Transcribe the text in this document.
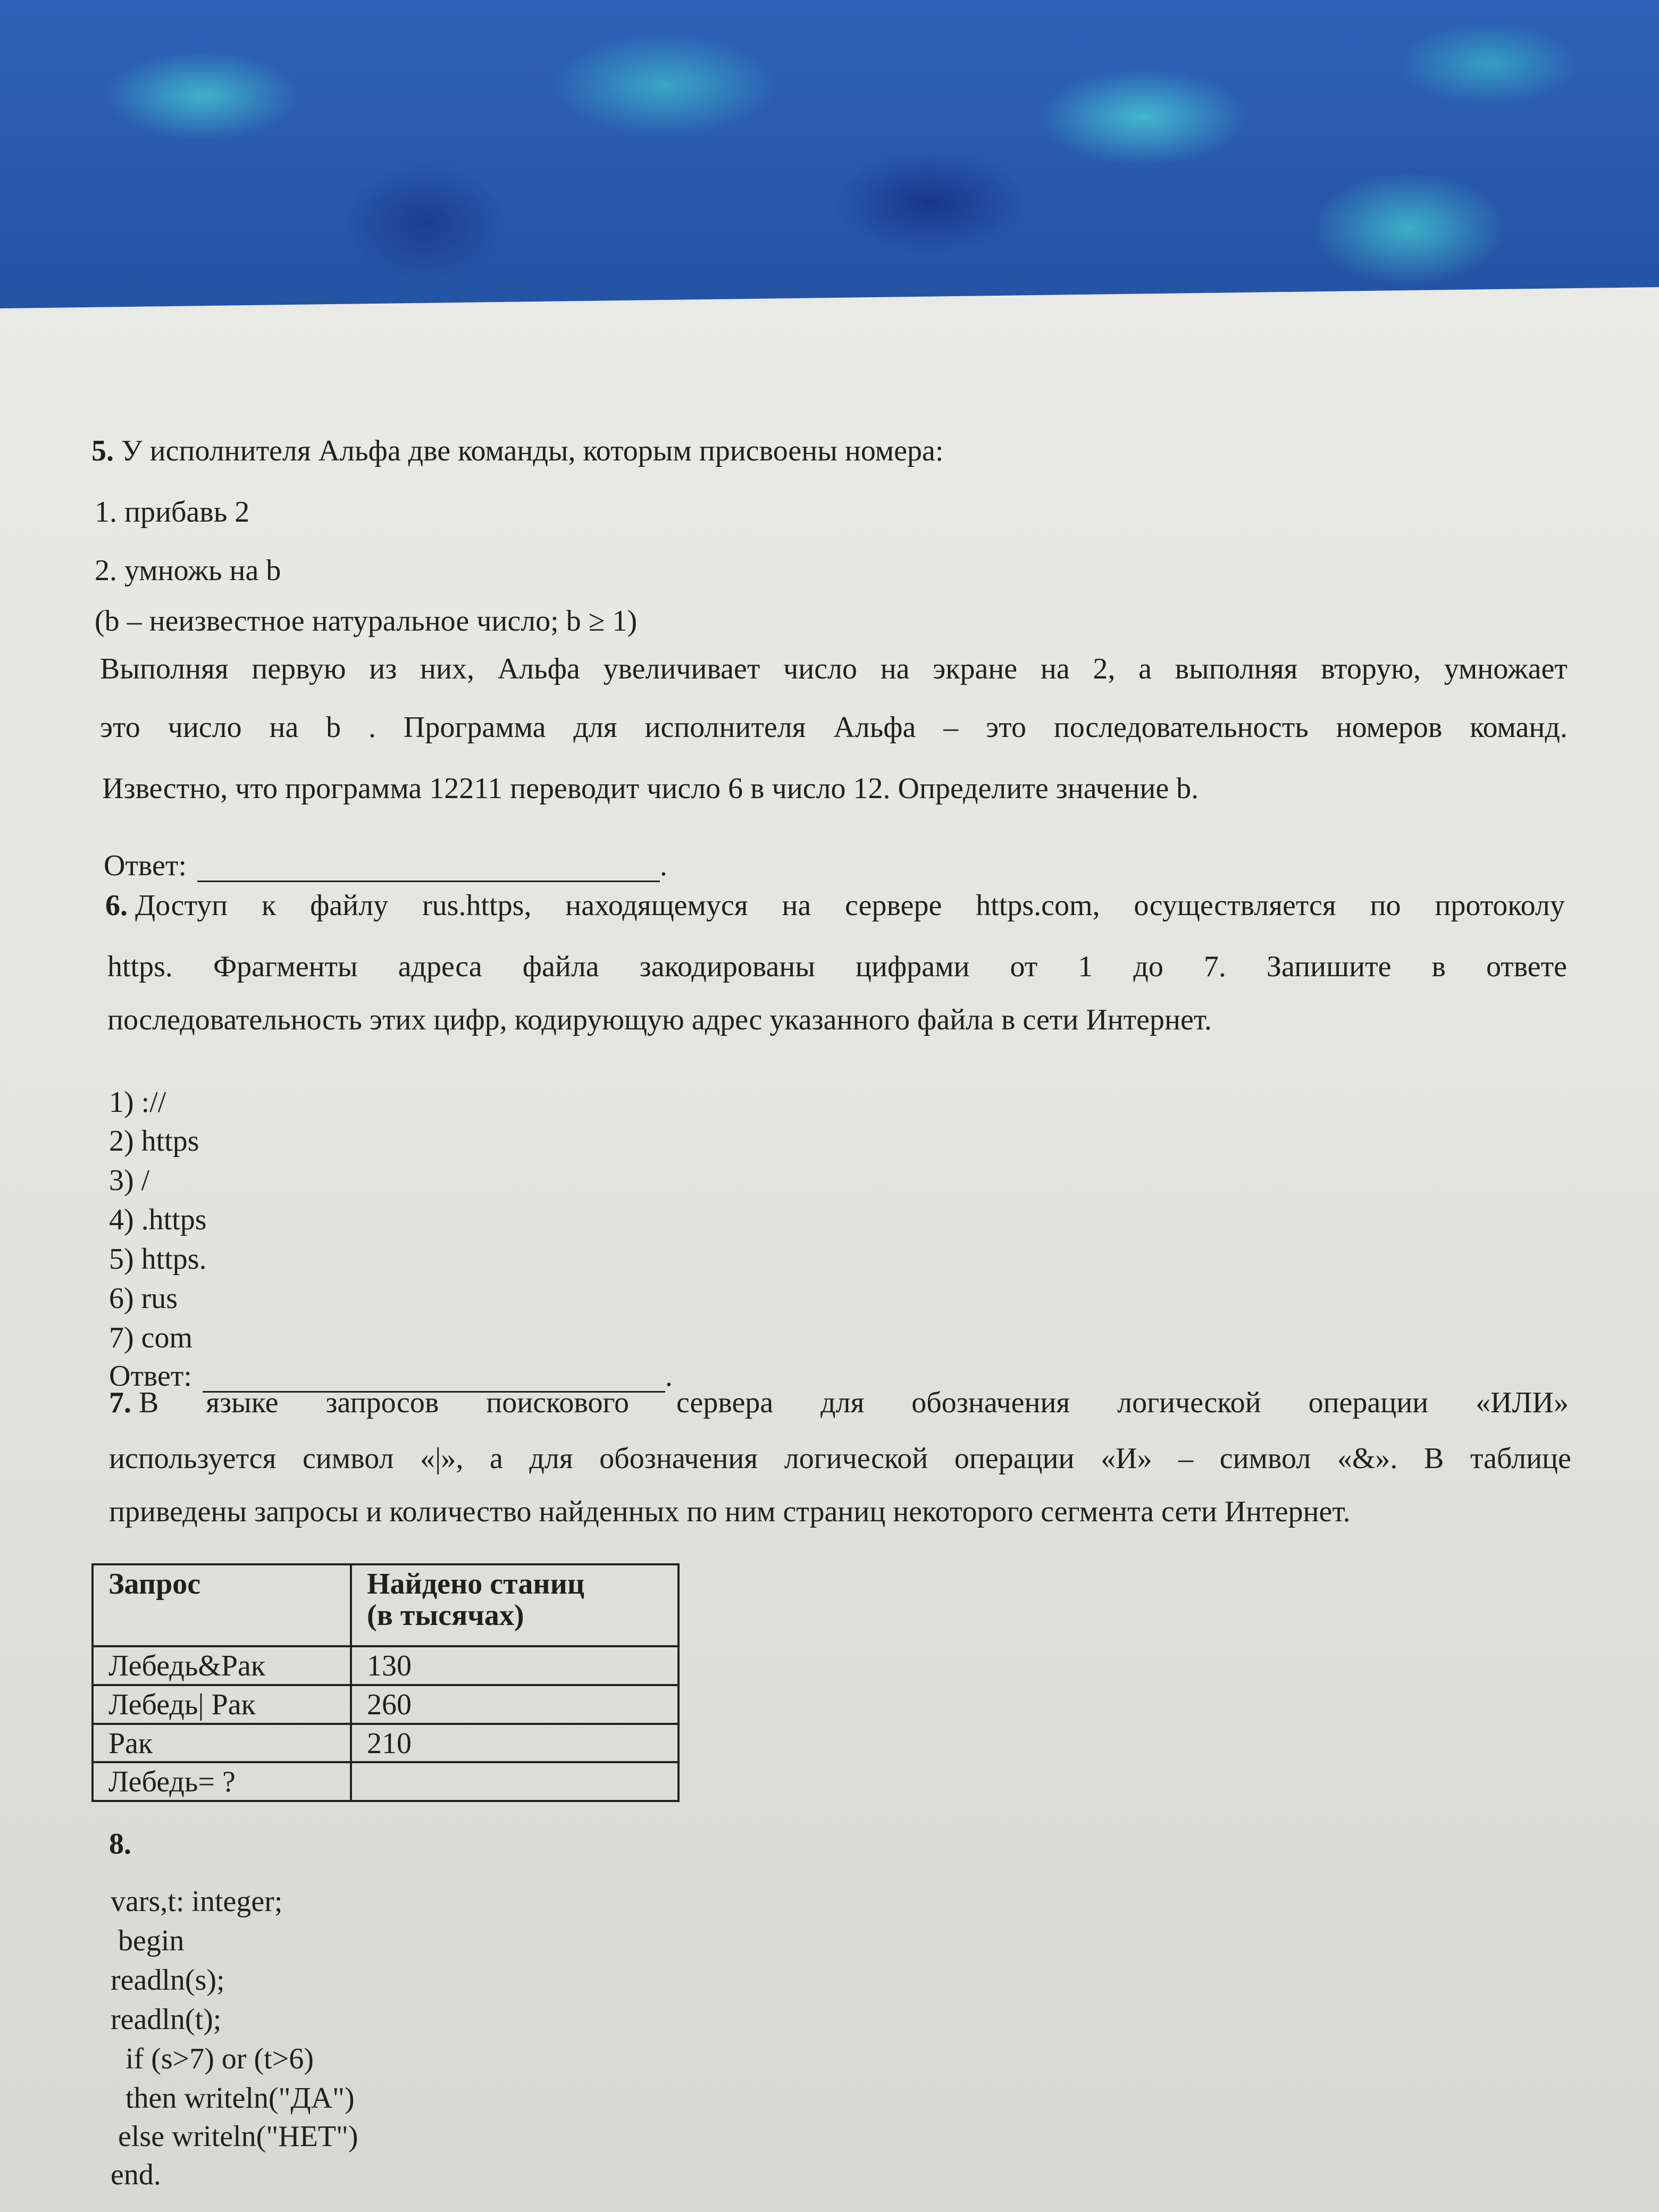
5. У исполнителя Альфа две команды, которым присвоены номера:
1. прибавь 2
2. умножь на b
(b – неизвестное натуральное число; b ≥ 1)
Выполняя первую из них, Альфа увеличивает число на экране на 2, а выполняя вторую, умножает
это число на b . Программа для исполнителя Альфа – это последовательность номеров команд.
Известно, что программа 12211 переводит число 6 в число 12. Определите значение b.
Ответ:	.
6. Доступ к файлу rus.https, находящемуся на сервере https.com, осуществляется по протоколу
https. Фрагменты адреса файла закодированы цифрами от 1 до 7. Запишите в ответе
последовательность этих цифр, кодирующую адрес указанного файла в сети Интернет.
1) ://
2) https
3) /
4) .https
5) https.
6) rus
7) com
Ответ:	.
7. В языке запросов поискового сервера для обозначения логической операции «ИЛИ»
используется символ «|», а для обозначения логической операции «И» – символ «&». В таблице
приведены запросы и количество найденных по ним страниц некоторого сегмента сети Интернет.
Запрос	Найдено станиц
(в тысячах)

Лебедь&Рак	130
Лебедь| Рак	260
Рак	210
Лебедь= ?	
8.
vars,t: integer;
begin
readln(s);
readln(t);
if (s>7) or (t>6)
then writeln("ДА")
else writeln("НЕТ")
end.
